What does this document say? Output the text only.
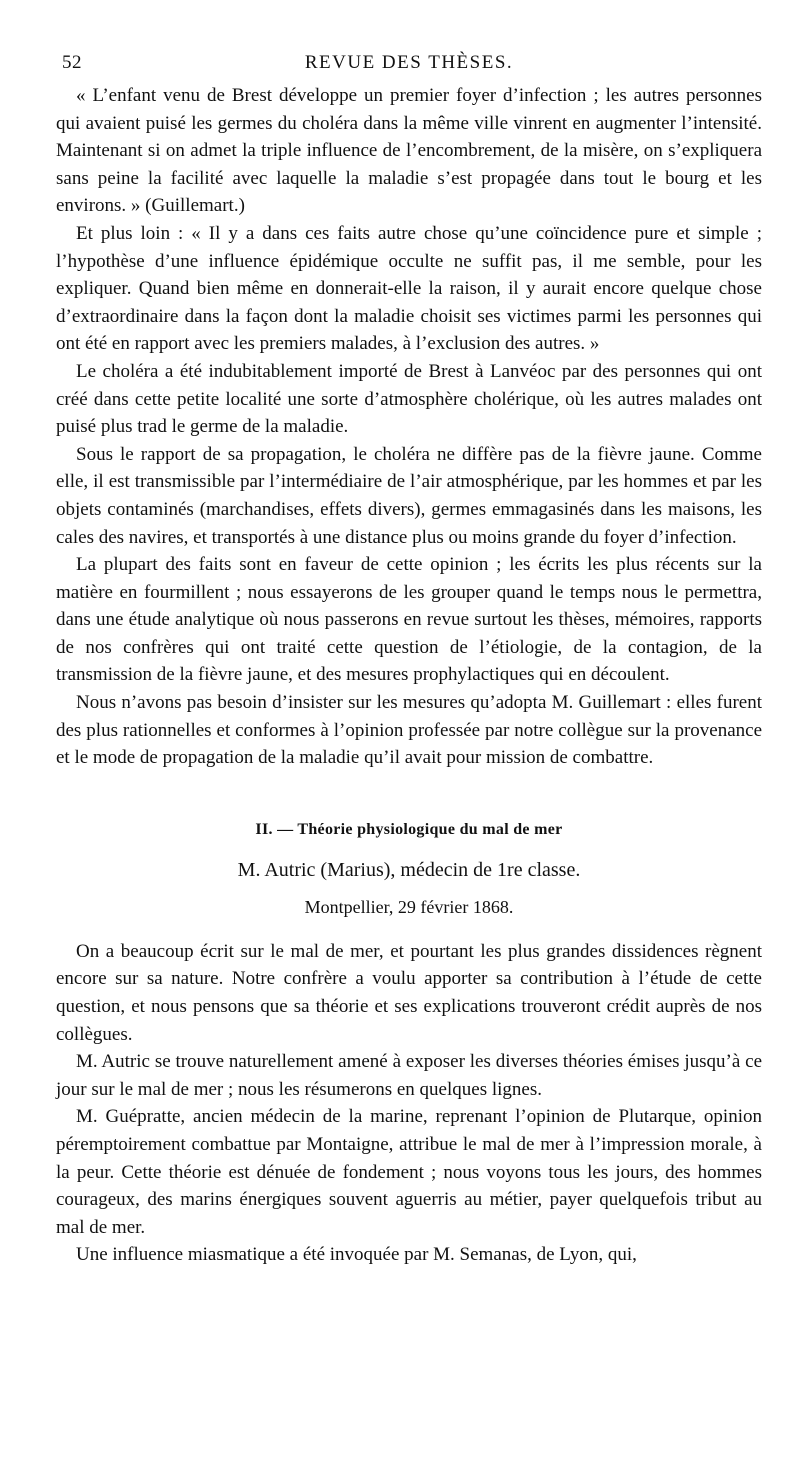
52	REVUE DES THÈSES.

« L’enfant venu de Brest développe un premier foyer d’infection ; les autres personnes qui avaient puisé les germes du choléra dans la même ville vinrent en augmenter l’intensité. Maintenant si on admet la triple influence de l’encombrement, de la misère, on s’expliquera sans peine la facilité avec laquelle la maladie s’est propagée dans tout le bourg et les environs. » (Guillemart.)

Et plus loin : « Il y a dans ces faits autre chose qu’une coïncidence pure et simple ; l’hypothèse d’une influence épidémique occulte ne suffit pas, il me semble, pour les expliquer. Quand bien même en donnerait-elle la raison, il y aurait encore quelque chose d’extraordinaire dans la façon dont la maladie choisit ses victimes parmi les personnes qui ont été en rapport avec les premiers malades, à l’exclusion des autres. »

Le choléra a été indubitablement importé de Brest à Lanvéoc par des personnes qui ont créé dans cette petite localité une sorte d’atmosphère cholérique, où les autres malades ont puisé plus trad le germe de la maladie.

Sous le rapport de sa propagation, le choléra ne diffère pas de la fièvre jaune. Comme elle, il est transmissible par l’intermédiaire de l’air atmosphérique, par les hommes et par les objets contaminés (marchandises, effets divers), germes emmagasinés dans les maisons, les cales des navires, et transportés à une distance plus ou moins grande du foyer d’infection.

La plupart des faits sont en faveur de cette opinion ; les écrits les plus récents sur la matière en fourmillent ; nous essayerons de les grouper quand le temps nous le permettra, dans une étude analytique où nous passerons en revue surtout les thèses, mémoires, rapports de nos confrères qui ont traité cette question de l’étiologie, de la contagion, de la transmission de la fièvre jaune, et des mesures prophylactiques qui en découlent.

Nous n’avons pas besoin d’insister sur les mesures qu’adopta M. Guillemart : elles furent des plus rationnelles et conformes à l’opinion professée par notre collègue sur la provenance et le mode de propagation de la maladie qu’il avait pour mission de combattre.

II. — Théorie physiologique du mal de mer

M. Autric (Marius), médecin de 1re classe.

Montpellier, 29 février 1868.

On a beaucoup écrit sur le mal de mer, et pourtant les plus grandes dissidences règnent encore sur sa nature. Notre confrère a voulu apporter sa contribution à l’étude de cette question, et nous pensons que sa théorie et ses explications trouveront crédit auprès de nos collègues.

M. Autric se trouve naturellement amené à exposer les diverses théories émises jusqu’à ce jour sur le mal de mer ; nous les résumerons en quelques lignes.

M. Guépratte, ancien médecin de la marine, reprenant l’opinion de Plutarque, opinion péremptoirement combattue par Montaigne, attribue le mal de mer à l’impression morale, à la peur. Cette théorie est dénuée de fondement ; nous voyons tous les jours, des hommes courageux, des marins énergiques souvent aguerris au métier, payer quelquefois tribut au mal de mer.

Une influence miasmatique a été invoquée par M. Semanas, de Lyon, qui,
